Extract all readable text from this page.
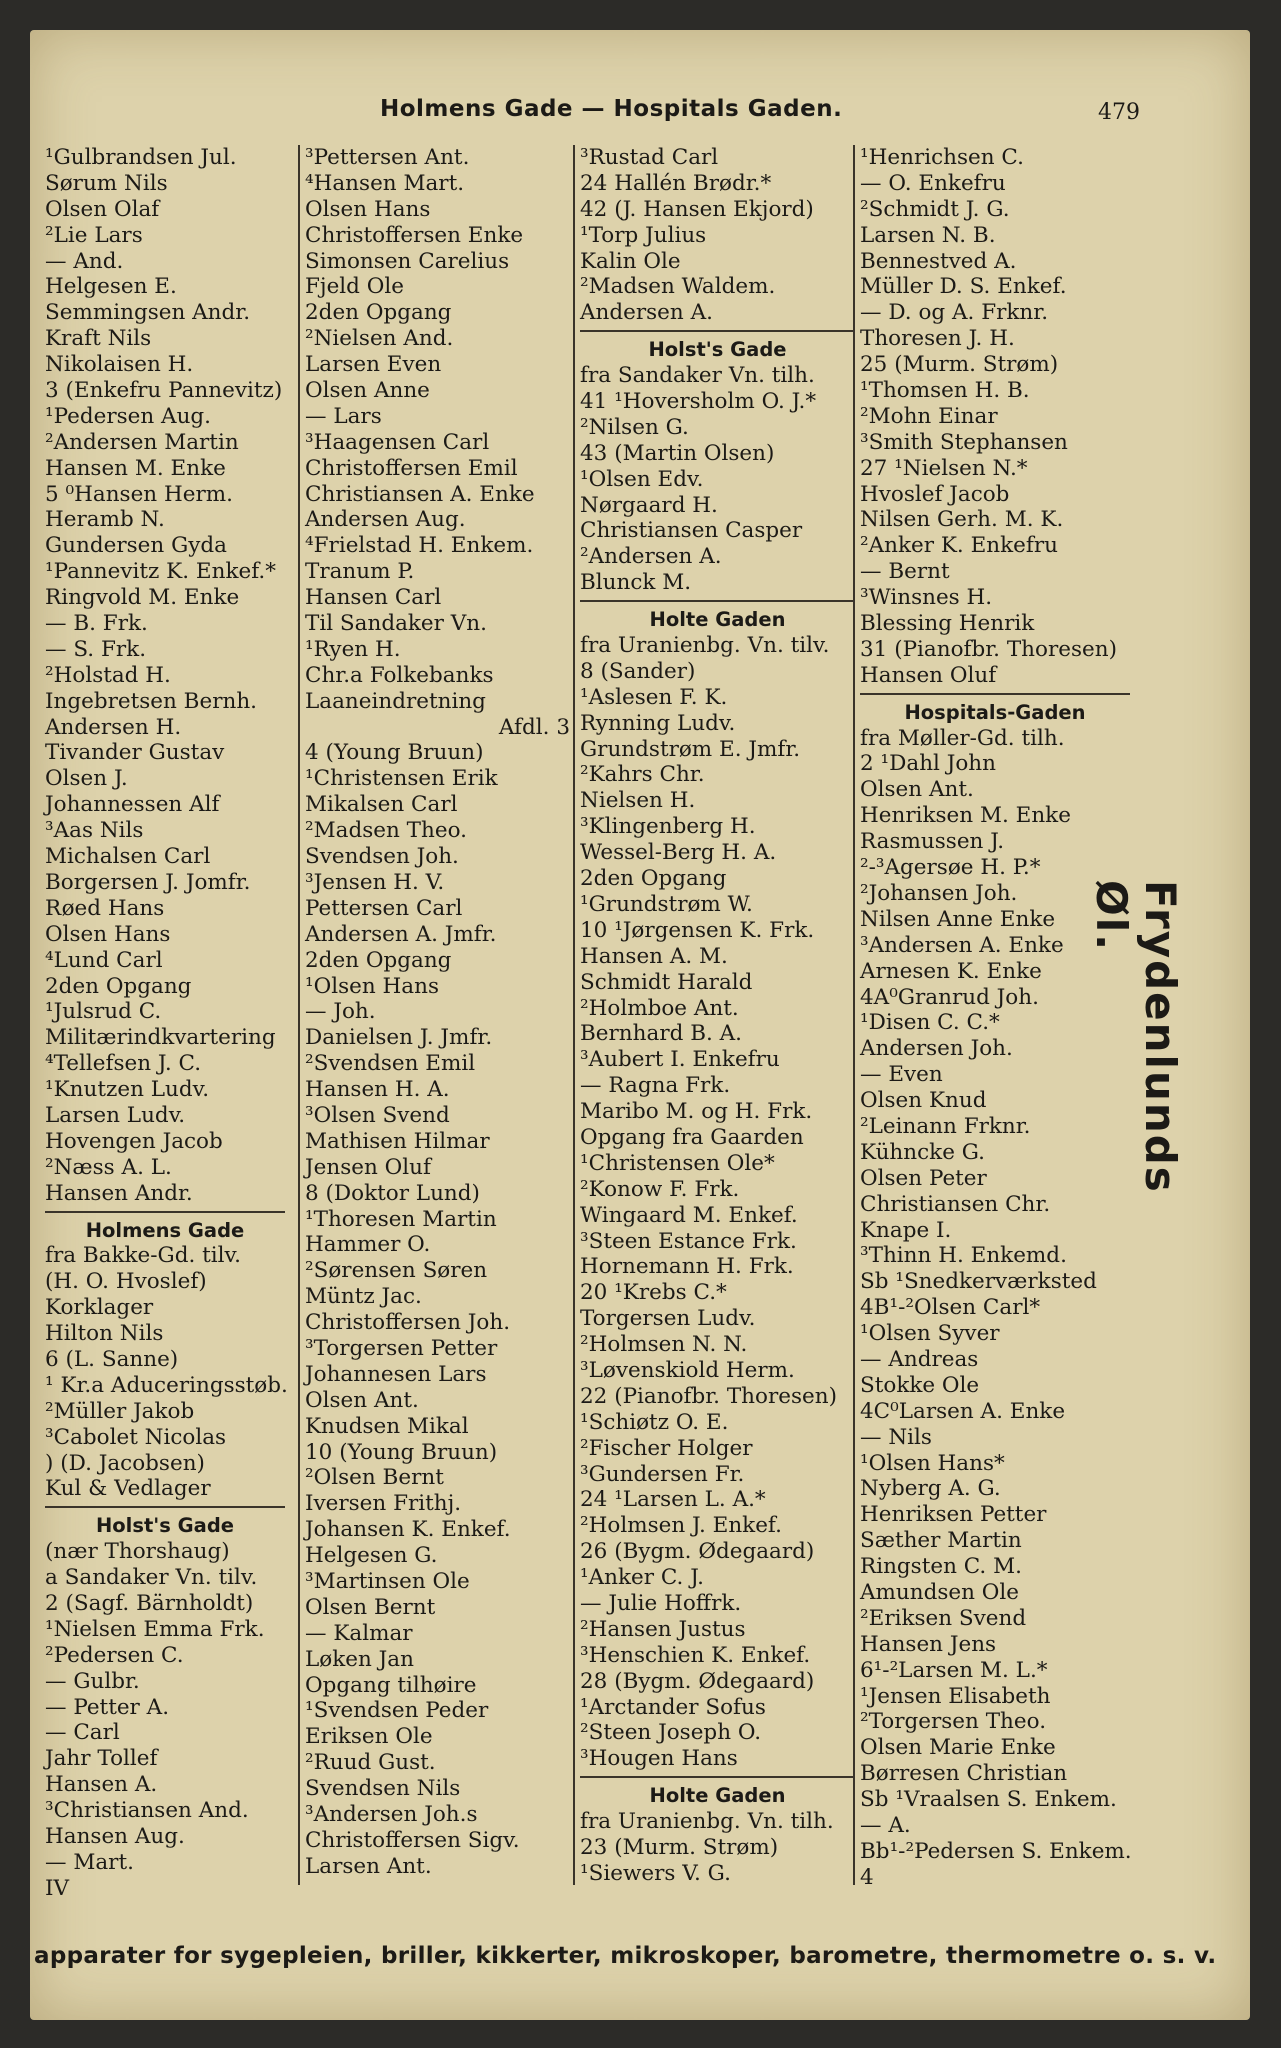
Holmens Gade — Hospitals Gaden.	479
¹Gulbrandsen Jul.
Sørum Nils
Olsen Olaf
²Lie Lars
— And.
Helgesen E.
Semmingsen Andr.
Kraft Nils
Nikolaisen H.
3 (Enkefru Pannevitz)
¹Pedersen Aug.
²Andersen Martin
Hansen M. Enke
5 ⁰Hansen Herm.
Heramb N.
Gundersen Gyda
¹Pannevitz K. Enkef.*
Ringvold M. Enke
— B. Frk.
— S. Frk.
²Holstad H.
Ingebretsen Bernh.
Andersen H.
Tivander Gustav
Olsen J.
Johannessen Alf
³Aas Nils
Michalsen Carl
Borgersen J. Jomfr.
Røed Hans
Olsen Hans
⁴Lund Carl
2den Opgang
¹Julsrud C.
Militærindkvartering
⁴Tellefsen J. C.
¹Knutzen Ludv.
Larsen Ludv.
Hovengen Jacob
²Næss A. L.
Hansen Andr.
Holmens Gade
fra Bakke-Gd. tilv.
(H. O. Hvoslef)
Korklager
Hilton Nils
6 (L. Sanne)
¹ Kr.a Aduceringsstøb.
²Müller Jakob
³Cabolet Nicolas
) (D. Jacobsen)
Kul & Vedlager
Holst's Gade
(nær Thorshaug)
a Sandaker Vn. tilv.
2 (Sagf. Bärnholdt)
¹Nielsen Emma Frk.
²Pedersen C.
— Gulbr.
— Petter A.
— Carl
Jahr Tollef
Hansen A.
³Christiansen And.
Hansen Aug.
— Mart.
IV
³Pettersen Ant.
⁴Hansen Mart.
Olsen Hans
Christoffersen Enke
Simonsen Carelius
Fjeld Ole
2den Opgang
²Nielsen And.
Larsen Even
Olsen Anne
— Lars
³Haagensen Carl
Christoffersen Emil
Christiansen A. Enke
Andersen Aug.
⁴Frielstad H. Enkem.
Tranum P.
Hansen Carl
Til Sandaker Vn.
¹Ryen H.
Chr.a Folkebanks
Laaneindretning
Afdl. 3
4 (Young Bruun)
¹Christensen Erik
Mikalsen Carl
²Madsen Theo.
Svendsen Joh.
³Jensen H. V.
Pettersen Carl
Andersen A. Jmfr.
2den Opgang
¹Olsen Hans
— Joh.
Danielsen J. Jmfr.
²Svendsen Emil
Hansen H. A.
³Olsen Svend
Mathisen Hilmar
Jensen Oluf
8 (Doktor Lund)
¹Thoresen Martin
Hammer O.
²Sørensen Søren
Müntz Jac.
Christoffersen Joh.
³Torgersen Petter
Johannesen Lars
Olsen Ant.
Knudsen Mikal
10 (Young Bruun)
²Olsen Bernt
Iversen Frithj.
Johansen K. Enkef.
Helgesen G.
³Martinsen Ole
Olsen Bernt
— Kalmar
Løken Jan
Opgang tilhøire
¹Svendsen Peder
Eriksen Ole
²Ruud Gust.
Svendsen Nils
³Andersen Joh.s
Christoffersen Sigv.
Larsen Ant.
³Rustad Carl
24 Hallén Brødr.*
42 (J. Hansen Ekjord)
¹Torp Julius
Kalin Ole
²Madsen Waldem.
Andersen A.
Holst's Gade
fra Sandaker Vn. tilh.
41 ¹Hoversholm O. J.*
²Nilsen G.
43 (Martin Olsen)
¹Olsen Edv.
Nørgaard H.
Christiansen Casper
²Andersen A.
Blunck M.
Holte Gaden
fra Uranienbg. Vn. tilv.
8 (Sander)
¹Aslesen F. K.
Rynning Ludv.
Grundstrøm E. Jmfr.
²Kahrs Chr.
Nielsen H.
³Klingenberg H.
Wessel-Berg H. A.
2den Opgang
¹Grundstrøm W.
10 ¹Jørgensen K. Frk.
Hansen A. M.
Schmidt Harald
²Holmboe Ant.
Bernhard B. A.
³Aubert I. Enkefru
— Ragna Frk.
Maribo M. og H. Frk.
Opgang fra Gaarden
¹Christensen Ole*
²Konow F. Frk.
Wingaard M. Enkef.
³Steen Estance Frk.
Hornemann H. Frk.
20 ¹Krebs C.*
Torgersen Ludv.
²Holmsen N. N.
³Løvenskiold Herm.
22 (Pianofbr. Thoresen)
¹Schiøtz O. E.
²Fischer Holger
³Gundersen Fr.
24 ¹Larsen L. A.*
²Holmsen J. Enkef.
26 (Bygm. Ødegaard)
¹Anker C. J.
— Julie Hoffrk.
²Hansen Justus
³Henschien K. Enkef.
28 (Bygm. Ødegaard)
¹Arctander Sofus
²Steen Joseph O.
³Hougen Hans
Holte Gaden
fra Uranienbg. Vn. tilh.
23 (Murm. Strøm)
¹Siewers V. G.
¹Henrichsen C.
— O. Enkefru
²Schmidt J. G.
Larsen N. B.
Bennestved A.
Müller D. S. Enkef.
— D. og A. Frknr.
Thoresen J. H.
25 (Murm. Strøm)
¹Thomsen H. B.
²Mohn Einar
³Smith Stephansen
27 ¹Nielsen N.*
Hvoslef Jacob
Nilsen Gerh. M. K.
²Anker K. Enkefru
— Bernt
³Winsnes H.
Blessing Henrik
31 (Pianofbr. Thoresen)
Hansen Oluf
Hospitals-Gaden
fra Møller-Gd. tilh.
2 ¹Dahl John
Olsen Ant.
Henriksen M. Enke
Rasmussen J.
²-³Agersøe H. P.*
²Johansen Joh.
Nilsen Anne Enke
³Andersen A. Enke
Arnesen K. Enke
4A⁰Granrud Joh.
¹Disen C. C.*
Andersen Joh.
— Even
Olsen Knud
²Leinann Frknr.
Kühncke G.
Olsen Peter
Christiansen Chr.
Knape I.
³Thinn H. Enkemd.
Sb ¹Snedkerværksted
4B¹-²Olsen Carl*
¹Olsen Syver
— Andreas
Stokke Ole
4C⁰Larsen A. Enke
— Nils
¹Olsen Hans*
Nyberg A. G.
Henriksen Petter
Sæther Martin
Ringsten C. M.
Amundsen Ole
²Eriksen Svend
Hansen Jens
6¹-²Larsen M. L.*
¹Jensen Elisabeth
²Torgersen Theo.
Olsen Marie Enke
Børresen Christian
Sb ¹Vraalsen S. Enkem.
— A.
Bb¹-²Pedersen S. Enkem.
4
Frydenlunds Øl.
apparater for sygepleien, briller, kikkerter, mikroskoper, barometre, thermometre o. s. v.
